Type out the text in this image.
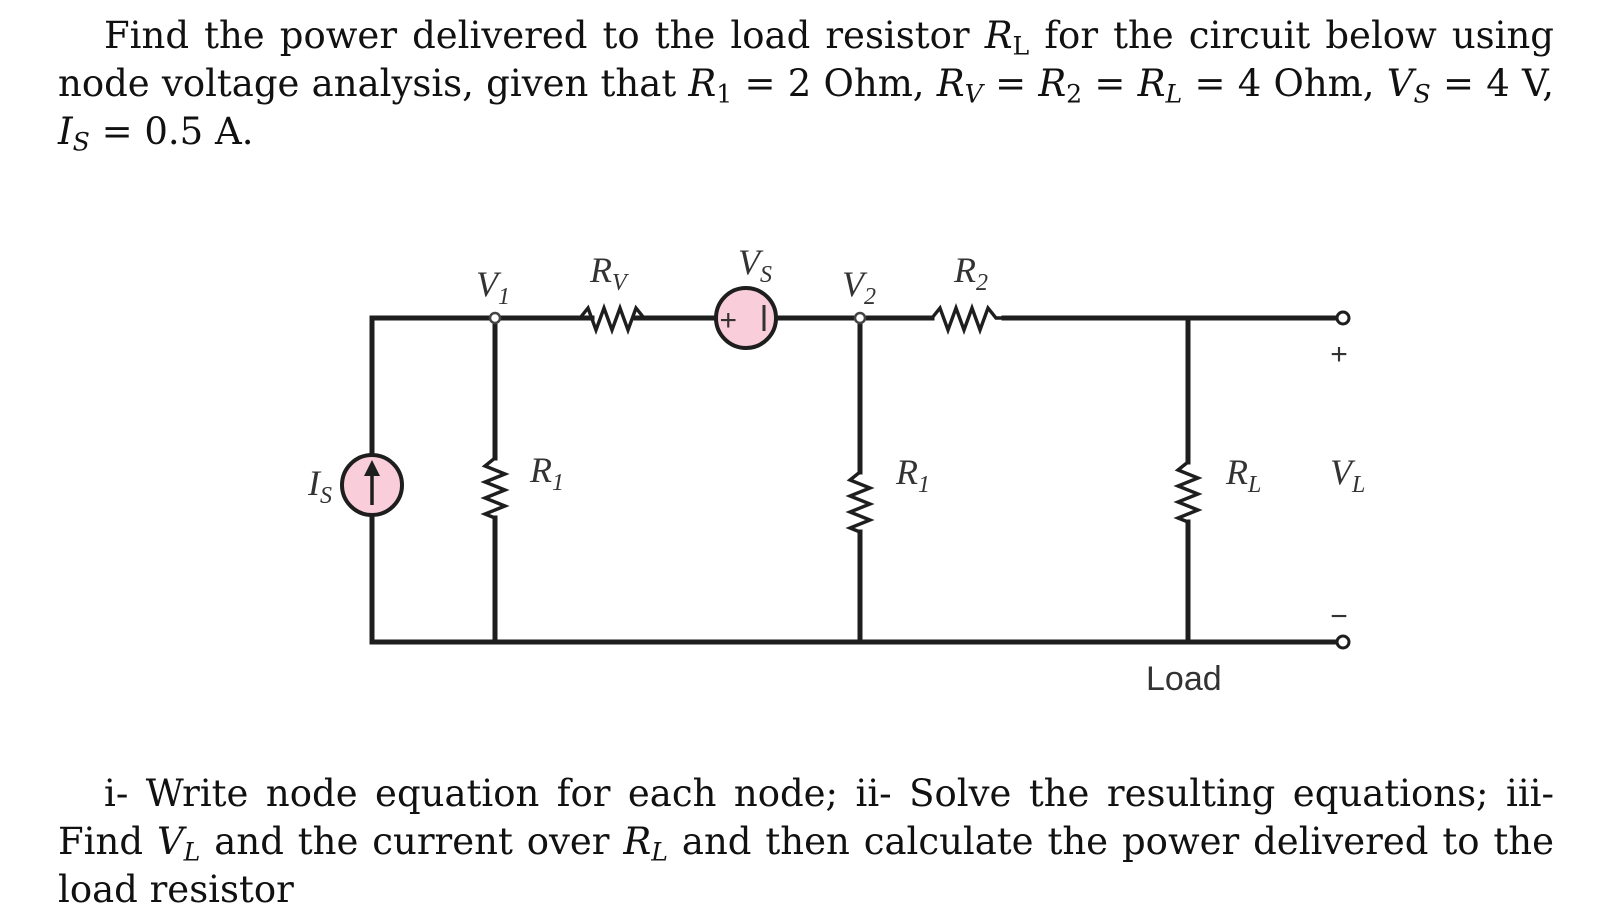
Find the power delivered to the load resistor $R_L$ for the circuit below using node voltage analysis, given that $R_1 = 2$ Ohm, $R_V = R_2 = R_L = 4$ Ohm, $V_S = 4$ V, $I_S = 0.5$ A.

$I_S$
+
$V_S$
$R_V$	$R_2$
$R_1$	$R_1$	$R_L$
$V_1$	$V_2$
+
−
$V_L$
Load

i- Write node equation for each node; ii- Solve the resulting equations; iii-Find $V_L$ and the current over $R_L$ and then calculate the power delivered to the load resistor
